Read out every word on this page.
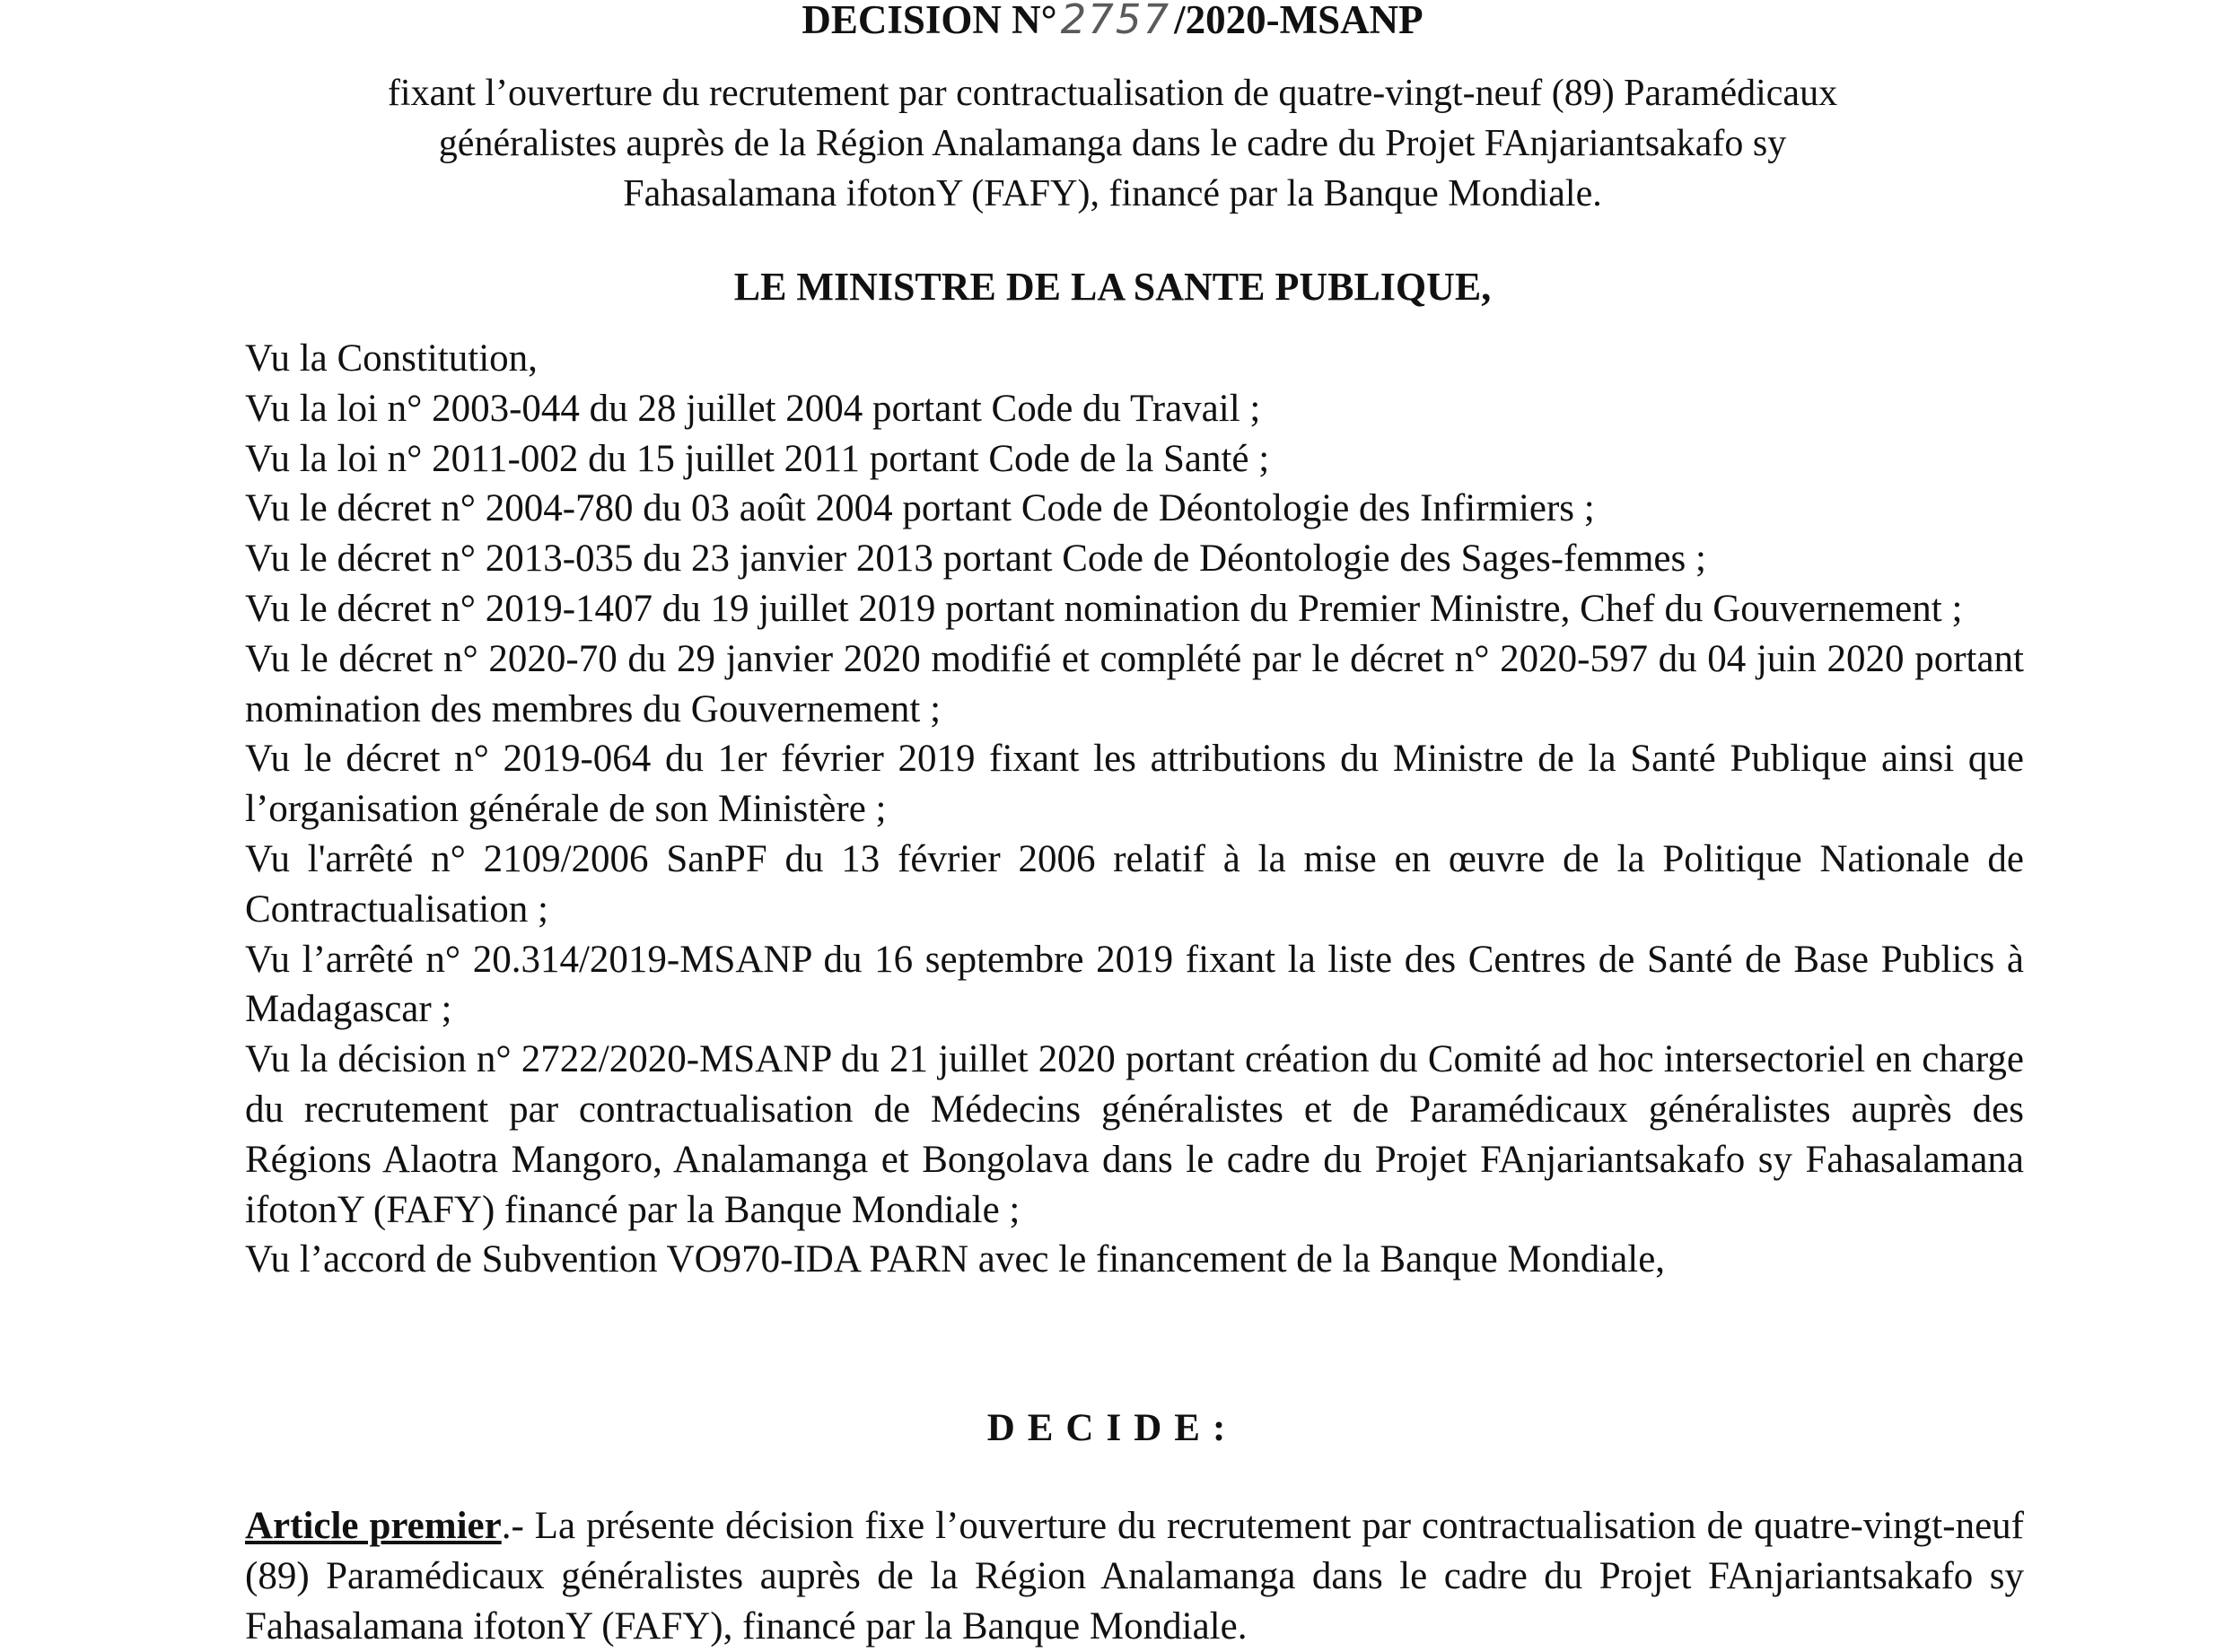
DECISION N°2757/2020-MSANP
fixant l’ouverture du recrutement par contractualisation de quatre-vingt-neuf (89) Paramédicaux
généralistes auprès de la Région Analamanga dans le cadre du Projet FAnjariantsakafo sy
Fahasalamana ifotonY (FAFY), financé par la Banque Mondiale.
LE MINISTRE DE LA SANTE PUBLIQUE,
Vu la Constitution,
Vu la loi n° 2003-044 du 28 juillet 2004 portant Code du Travail ;
Vu la loi n° 2011-002 du 15 juillet 2011 portant Code de la Santé ;
Vu le décret n° 2004-780 du 03 août 2004 portant Code de Déontologie des Infirmiers ;
Vu le décret n° 2013-035 du 23 janvier 2013 portant Code de Déontologie des Sages-femmes ;
Vu le décret n° 2019-1407 du 19 juillet 2019 portant nomination du Premier Ministre, Chef du Gouvernement ;
Vu le décret n° 2020-70 du 29 janvier 2020 modifié et complété par le décret n° 2020-597 du 04 juin 2020 portant nomination des membres du Gouvernement ;
Vu le décret n° 2019-064 du 1er février 2019 fixant les attributions du Ministre de la Santé Publique ainsi que l’organisation générale de son Ministère ;
Vu l'arrêté n° 2109/2006 SanPF du 13 février 2006 relatif à la mise en œuvre de la Politique Nationale de Contractualisation ;
Vu l’arrêté n° 20.314/2019-MSANP du 16 septembre 2019 fixant la liste des Centres de Santé de Base Publics à Madagascar ;
Vu la décision n° 2722/2020-MSANP du 21 juillet 2020 portant création du Comité ad hoc intersectoriel en charge du recrutement par contractualisation de Médecins généralistes et de Paramédicaux généralistes auprès des Régions Alaotra Mangoro, Analamanga et Bongolava dans le cadre du Projet FAnjariantsakafo sy Fahasalamana ifotonY (FAFY) financé par la Banque Mondiale ;
Vu l’accord de Subvention VO970-IDA PARN avec le financement de la Banque Mondiale,
DECIDE:
Article premier.- La présente décision fixe l’ouverture du recrutement par contractualisation de quatre-vingt-neuf (89) Paramédicaux généralistes auprès de la Région Analamanga dans le cadre du Projet FAnjariantsakafo sy Fahasalamana ifotonY (FAFY), financé par la Banque Mondiale.
